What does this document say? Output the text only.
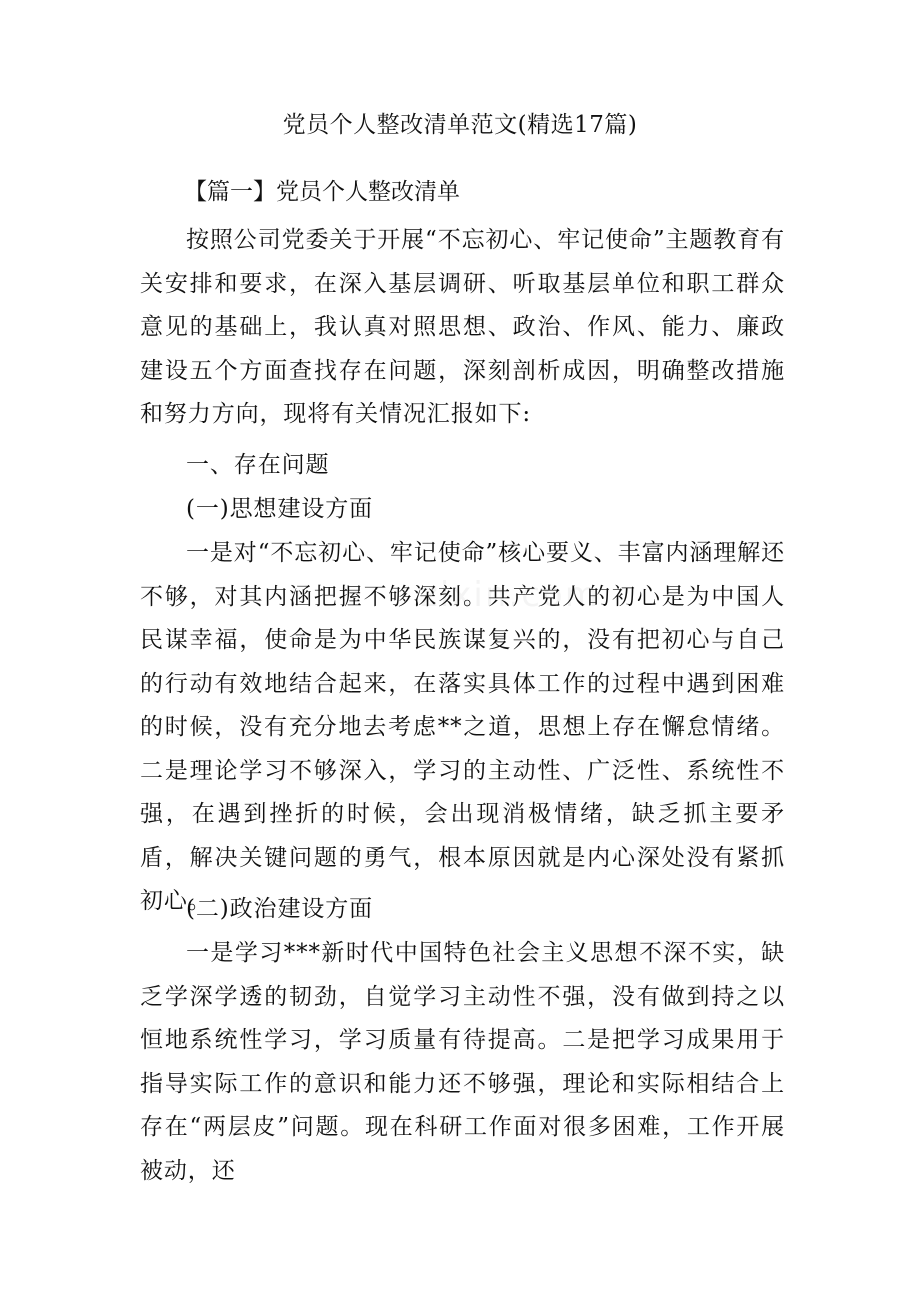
党员个人整改清单范文(精选17篇)
【篇一】党员个人整改清单

按照公司党委关于开展“不忘初心、牢记使命”主题教育有关安排和要求，在深入基层调研、听取基层单位和职工群众意见的基础上，我认真对照思想、政治、作风、能力、廉政建设五个方面查找存在问题，深刻剖析成因，明确整改措施和努力方向，现将有关情况汇报如下:

一、存在问题
(一)思想建设方面

一是对“不忘初心、牢记使命”核心要义、丰富内涵理解还不够，对其内涵把握不够深刻。共产党人的初心是为中国人民谋幸福，使命是为中华民族谋复兴的，没有把初心与自己的行动有效地结合起来，在落实具体工作的过程中遇到困难的时候，没有充分地去考虑**之道，思想上存在懈怠情绪。二是理论学习不够深入，学习的主动性、广泛性、系统性不强，在遇到挫折的时候，会出现消极情绪，缺乏抓主要矛盾，解决关键问题的勇气，根本原因就是内心深处没有紧抓初心。

(二)政治建设方面

一是学习***新时代中国特色社会主义思想不深不实，缺乏学深学透的韧劲，自觉学习主动性不强，没有做到持之以恒地系统性学习，学习质量有待提高。二是把学习成果用于指导实际工作的意识和能力还不够强，理论和实际相结合上存在“两层皮”问题。现在科研工作面对很多困难，工作开展被动，还
